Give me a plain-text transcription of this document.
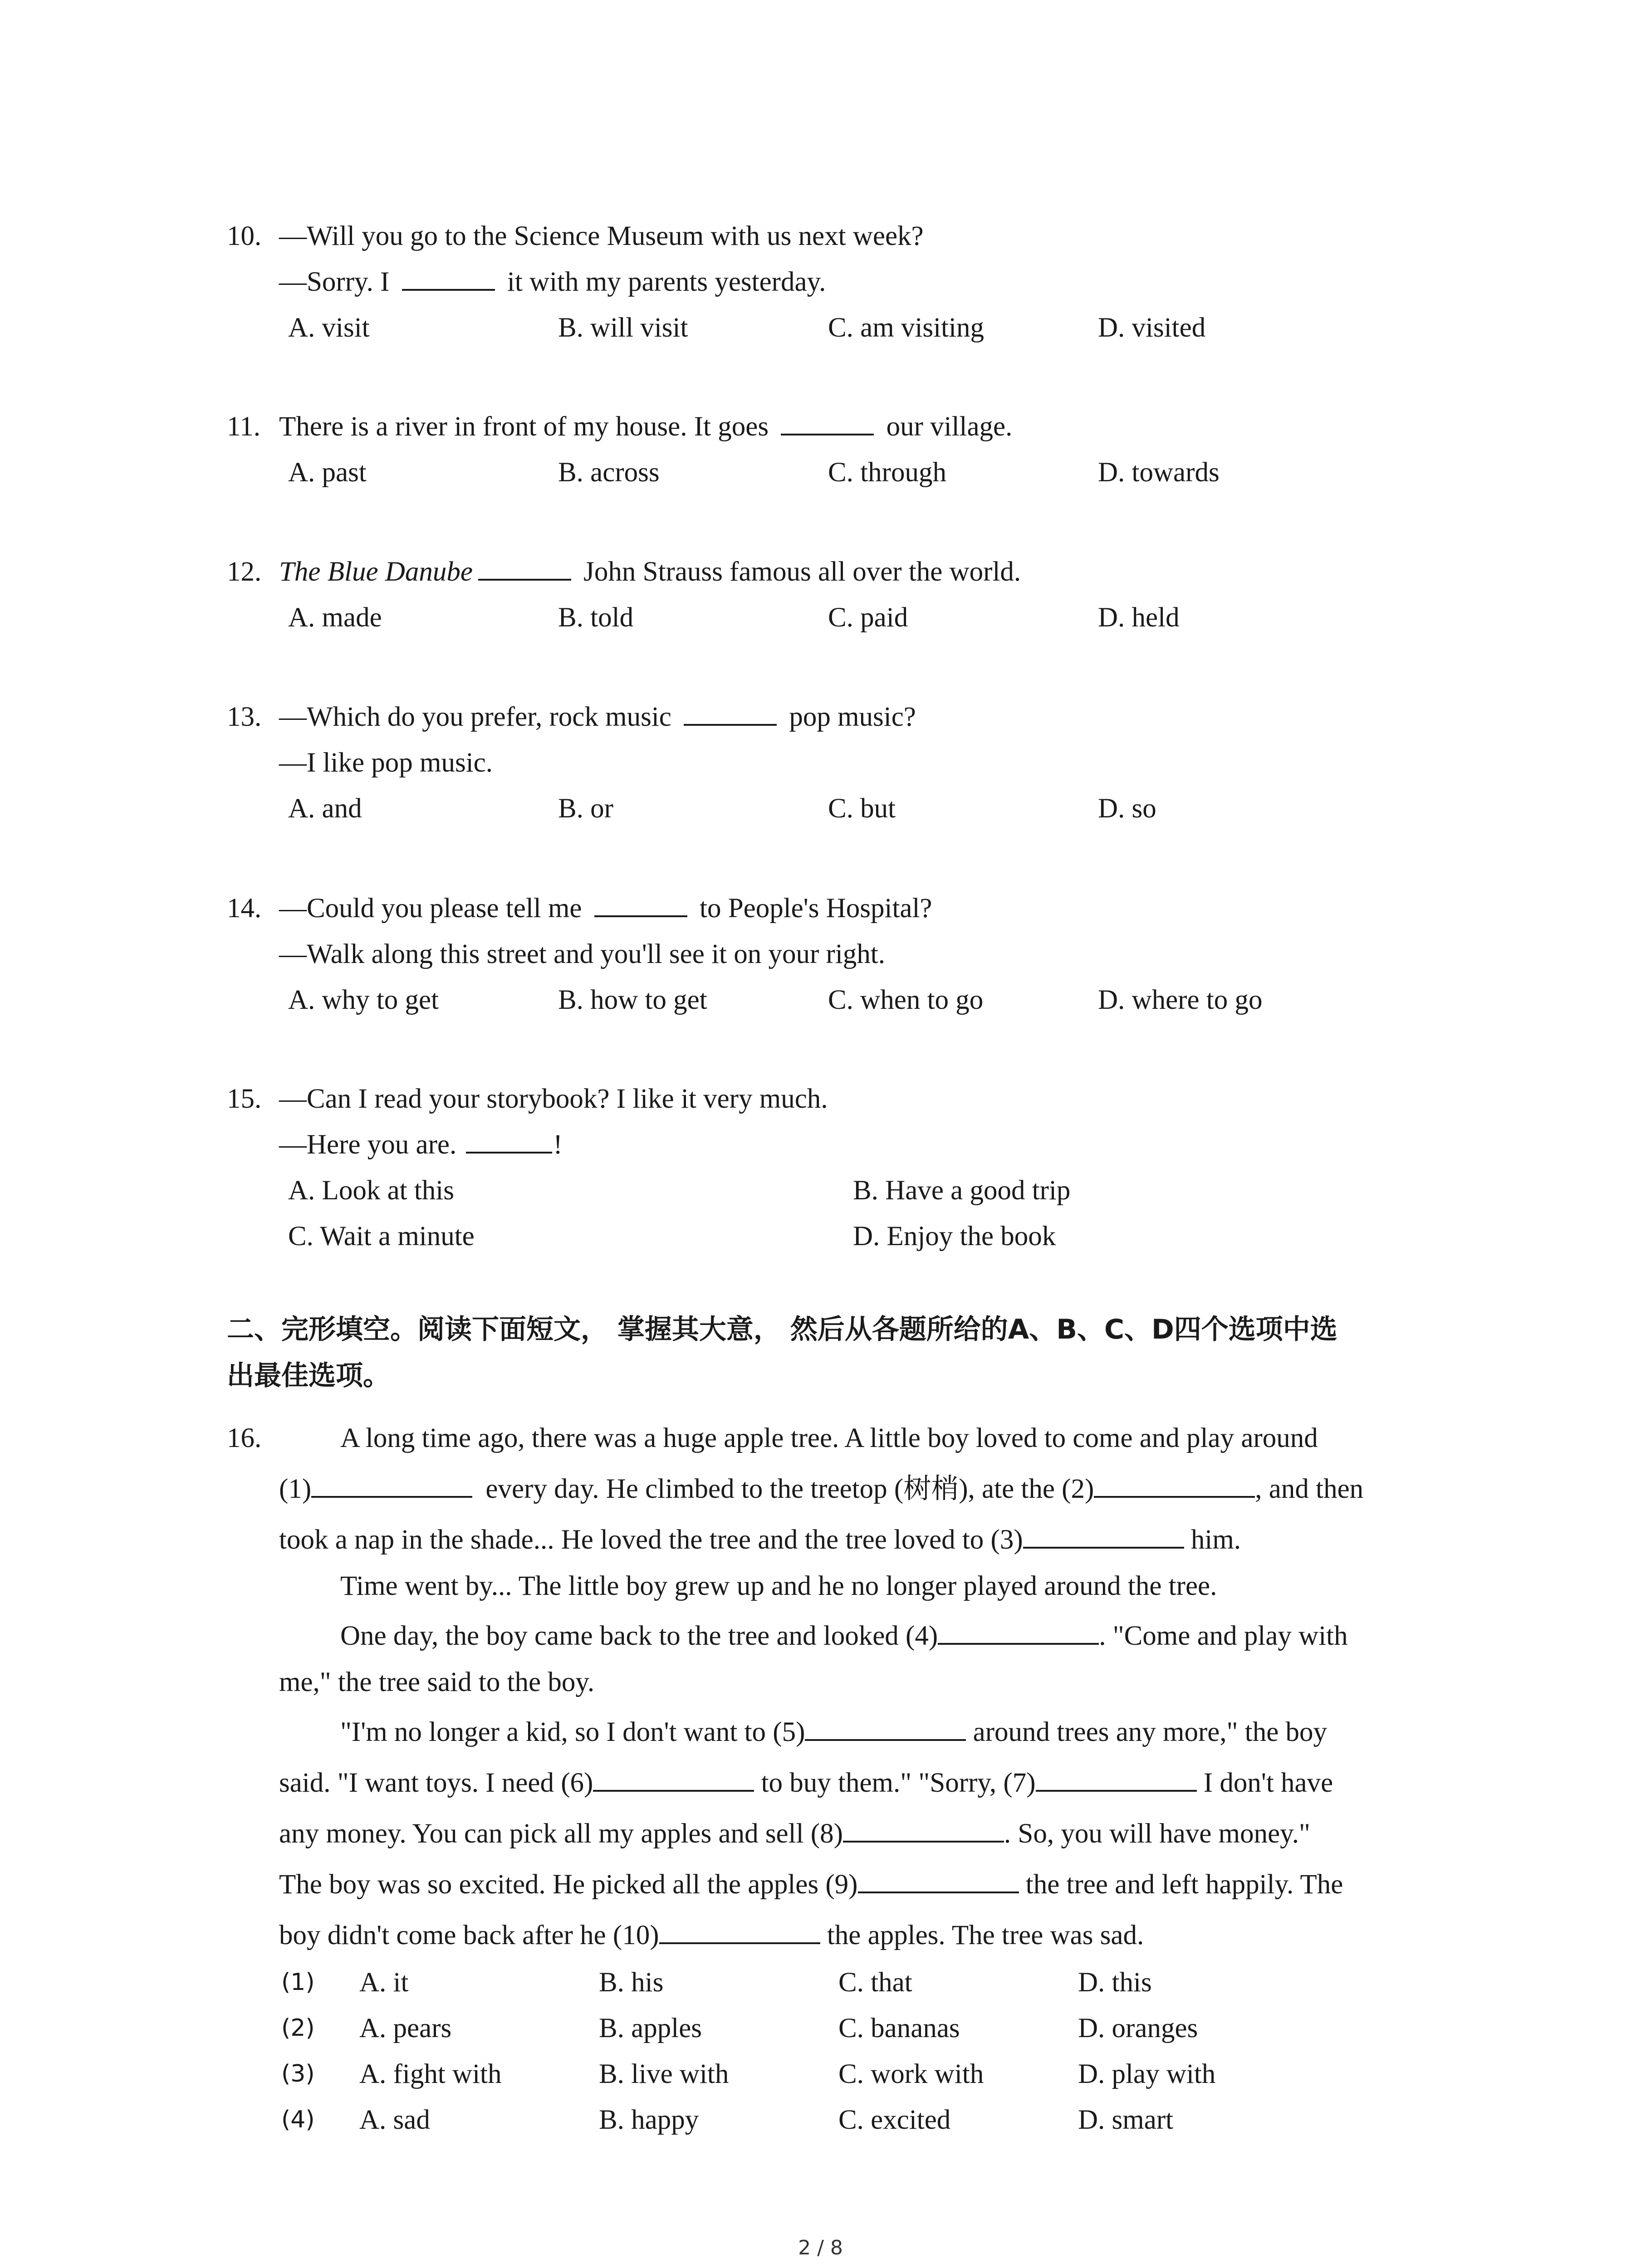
10. —Will you go to the Science Museum with us next week?
—Sorry. I	it with my parents yesterday.
A. visit	B. will visit	C. am visiting	D. visited
11. There is a river in front of my house. It goes	our village.
A. past	B. across	C. through	D. towards
12. The Blue Danube	John Strauss famous all over the world.
A. made	B. told	C. paid	D. held
13. —Which do you prefer, rock music	pop music?
—I like pop music.
A. and	B. or	C. but	D. so
14. —Could you please tell me	to People's Hospital?
—Walk along this street and you'll see it on your right.
A. why to get	B. how to get	C. when to go	D. where to go
15. —Can I read your storybook? I like it very much.
—Here you are.	!
A. Look at this	B. Have a good trip
C. Wait a minute	D. Enjoy the book
二、完形填空。阅读下面短文， 掌握其大意， 然后从各题所给的A、B、C、D四个选项中选
出最佳选项。
16.	A long time ago, there was a huge apple tree. A little boy loved to come and play around
(1)	every day. He climbed to the treetop (树梢), ate the (2)	, and then
took a nap in the shade... He loved the tree and the tree loved to (3)	him.
Time went by... The little boy grew up and he no longer played around the tree.
One day, the boy came back to the tree and looked (4)	. "Come and play with
me," the tree said to the boy.
"I'm no longer a kid, so I don't want to (5)	around trees any more," the boy
said. "I want toys. I need (6)	to buy them." "Sorry, (7)	I don't have
any money. You can pick all my apples and sell (8)	. So, you will have money."
The boy was so excited. He picked all the apples (9)	the tree and left happily. The
boy didn't come back after he (10)	the apples. The tree was sad.
(1) A. it	B. his	C. that	D. this
(2) A. pears	B. apples	C. bananas	D. oranges
(3) A. fight with	B. live with	C. work with	D. play with
(4) A. sad	B. happy	C. excited	D. smart
2 / 8
